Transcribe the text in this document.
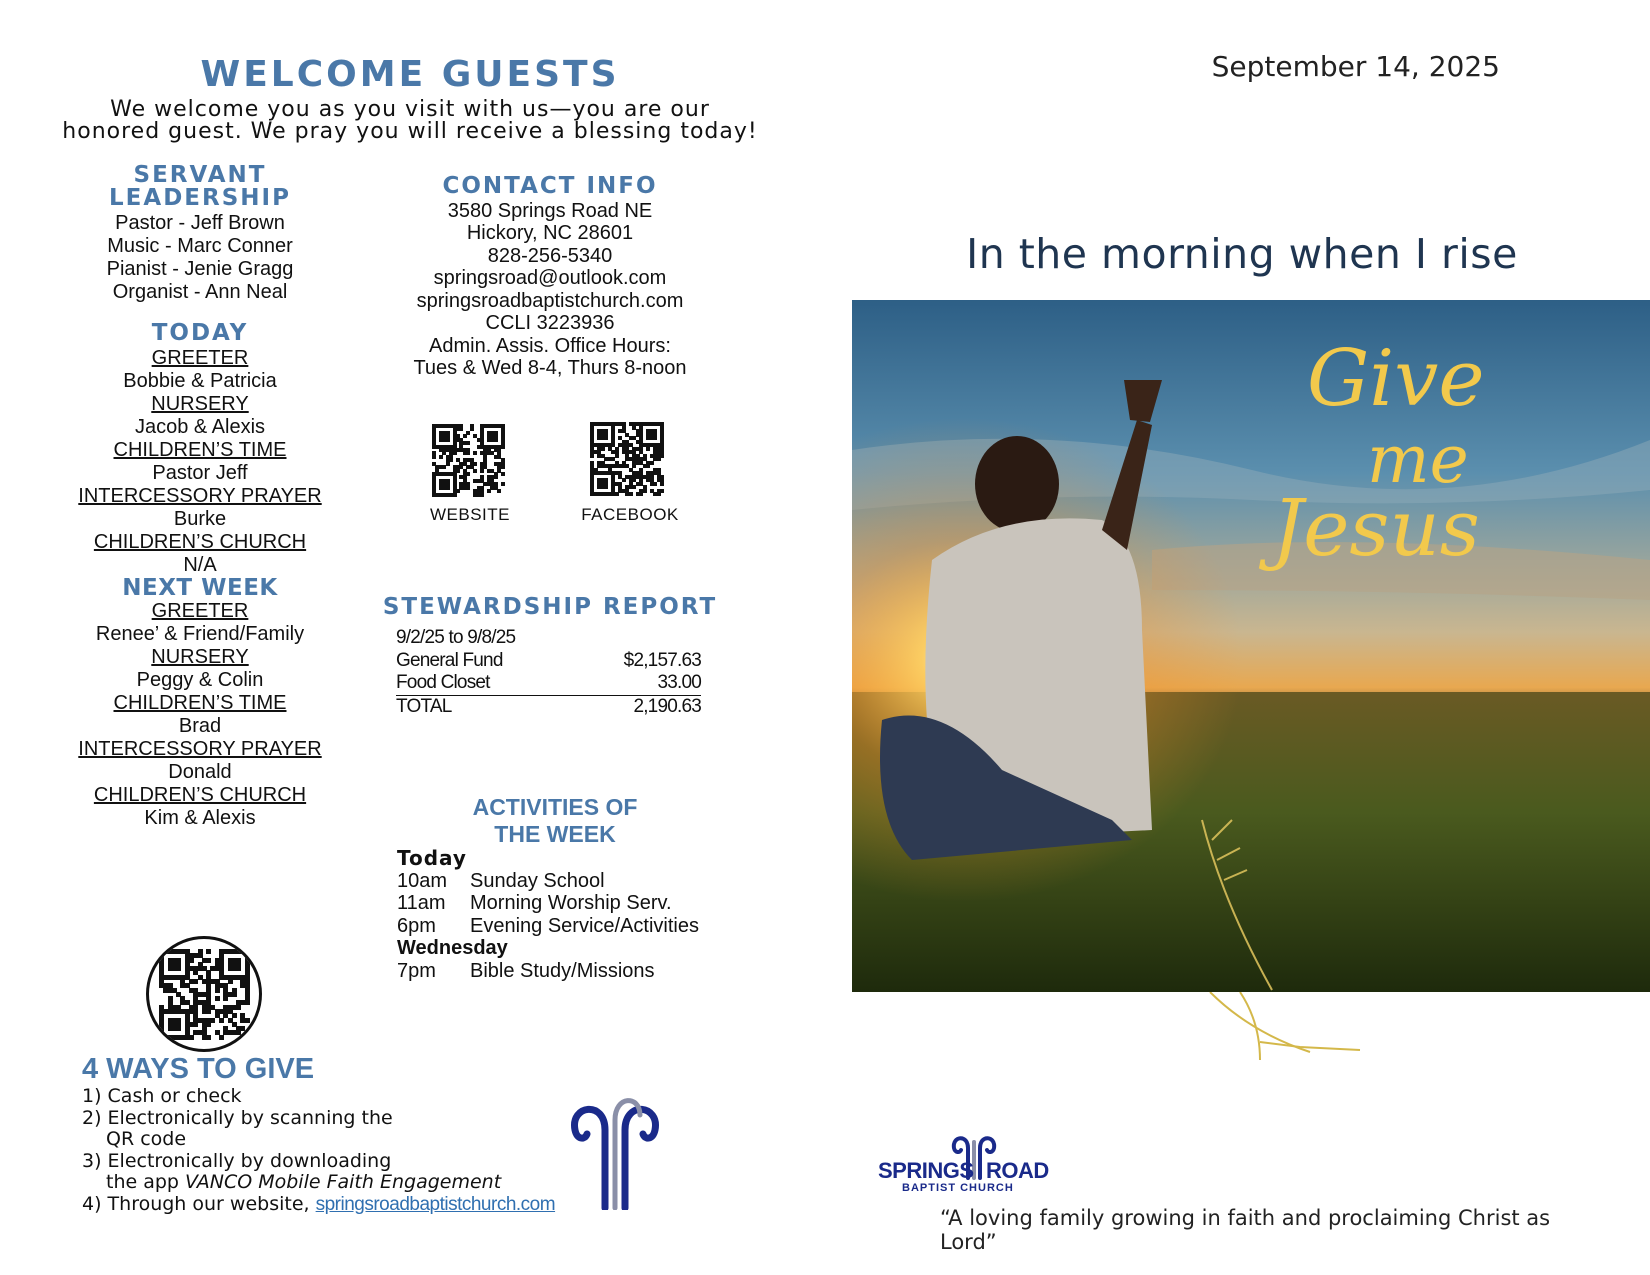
September 14, 2025
WELCOME GUESTS
We welcome you as you visit with us—you are our
honored guest. We pray you will receive a blessing today!
SERVANT
LEADERSHIP
Pastor - Jeff Brown
Music - Marc Conner
Pianist - Jenie Gragg
Organist - Ann Neal
TODAY
GREETER
Bobbie & Patricia
NURSERY
Jacob & Alexis
CHILDREN’S TIME
Pastor Jeff
INTERCESSORY PRAYER
Burke
CHILDREN’S CHURCH
N/A
NEXT WEEK
GREETER
Renee’ & Friend/Family
NURSERY
Peggy & Colin
CHILDREN’S TIME
Brad
INTERCESSORY PRAYER
Donald
CHILDREN’S CHURCH
Kim & Alexis
CONTACT INFO
3580 Springs Road NE
Hickory, NC 28601
828-256-5340
springsroad@outlook.com
springsroadbaptistchurch.com
CCLI 3223936
Admin. Assis. Office Hours:
Tues & Wed 8-4, Thurs 8-noon
WEBSITE	FACEBOOK
STEWARDSHIP REPORT
9/2/25 to 9/8/25
General Fund	$2,157.63
Food Closet	33.00
TOTAL	2,190.63
ACTIVITIES OF
THE WEEK
Today
10am Sunday School
11am Morning Worship Serv.
6pm Evening Service/Activities
Wednesday
7pm Bible Study/Missions
4 WAYS TO GIVE
1) Cash or check
2) Electronically by scanning the
QR code
3) Electronically by downloading
the app VANCO Mobile Faith Engagement
4) Through our website, springsroadbaptistchurch.com
In the morning when I rise
Give
me
Jesus
SPRINGS ROAD
BAPTIST CHURCH
“A loving family growing in faith and proclaiming Christ as Lord”
